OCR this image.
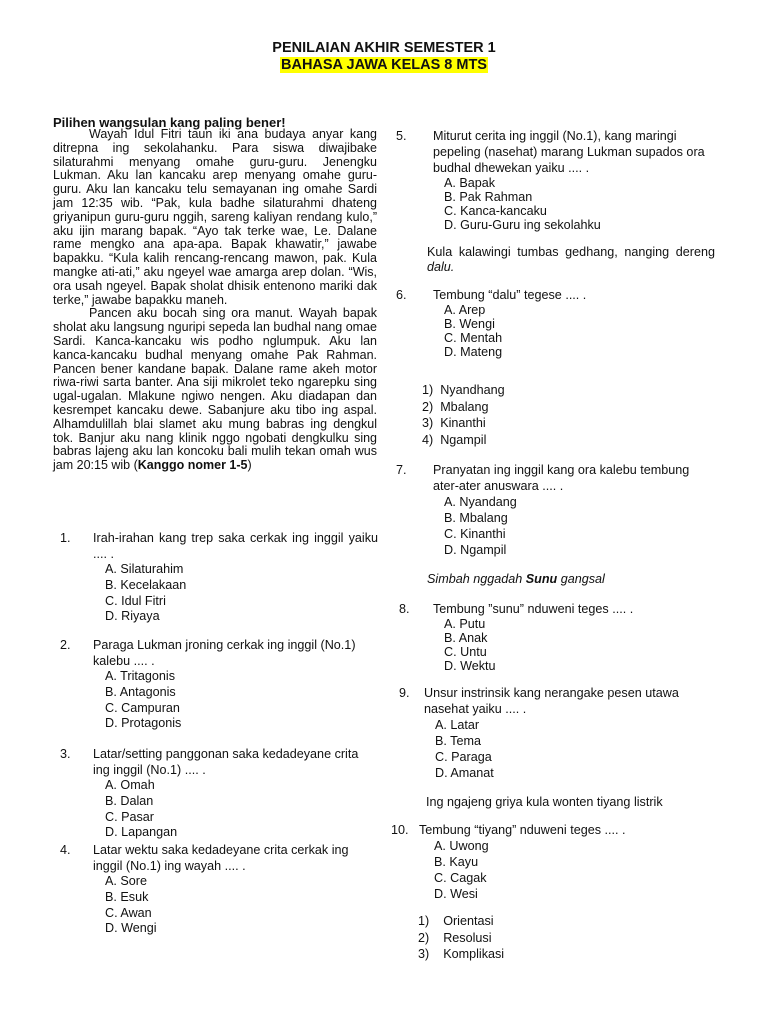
PENILAIAN AKHIR SEMESTER 1
BAHASA JAWA KELAS 8 MTS
Pilihen wangsulan kang paling bener!

Wayah Idul Fitri taun iki ana budaya anyar kang ditrepna ing sekolahanku. Para siswa diwajibake silaturahmi menyang omahe guru-guru. Jenengku Lukman. Aku lan kancaku arep menyang omahe guru-guru. Aku lan kancaku telu semayanan ing omahe Sardi jam 12:35 wib. “Pak, kula badhe silaturahmi dhateng griyanipun guru-guru nggih, sareng kaliyan rendang kulo,” aku ijin marang bapak. “Ayo tak terke wae, Le. Dalane rame mengko ana apa-apa. Bapak khawatir,” jawabe bapakku. “Kula kalih rencang-rencang mawon, pak. Kula mangke ati-ati,” aku ngeyel wae amarga arep dolan. “Wis, ora usah ngeyel. Bapak sholat dhisik entenono mariki dak terke,” jawabe bapakku maneh.

Pancen aku bocah sing ora manut. Wayah bapak sholat aku langsung nguripi sepeda lan budhal nang omae Sardi. Kanca-kancaku wis podho nglumpuk. Aku lan kanca-kancaku budhal menyang omahe Pak Rahman. Pancen bener kandane bapak. Dalane rame akeh motor riwa-riwi sarta banter. Ana siji mikrolet teko ngarepku sing ugal-ugalan. Mlakune ngiwo nengen. Aku diadapan dan kesrempet kancaku dewe. Sabanjure aku tibo ing aspal. Alhamdulillah blai slamet aku mung babras ing dengkul tok. Banjur aku nang klinik nggo ngobati dengkulku sing babras lajeng aku lan koncoku bali mulih tekan omah wus jam 20:15 wib (Kanggo nomer 1-5)

1. Irah-irahan kang trep saka cerkak ing inggil yaiku .... .
A. Silaturahim
B. Kecelakaan
C. Idul Fitri
D. Riyaya
2. Paraga Lukman jroning cerkak ing inggil (No.1) kalebu .... .
A. Tritagonis
B. Antagonis
C. Campuran
D. Protagonis
3. Latar/setting panggonan saka kedadeyane crita ing inggil (No.1) .... .
A. Omah
B. Dalan
C. Pasar
D. Lapangan
4. Latar wektu saka kedadeyane crita cerkak ing inggil (No.1) ing wayah .... .
A. Sore
B. Esuk
C. Awan
D. Wengi
5. Miturut cerita ing inggil (No.1), kang maringi pepeling (nasehat) marang Lukman supados ora budhal dhewekan yaiku .... .
A. Bapak
B. Pak Rahman
C. Kanca-kancaku
D. Guru-Guru ing sekolahku
Kula kalawingi tumbas gedhang, nanging dereng dalu.
6. Tembung “dalu” tegese .... .
A. Arep
B. Wengi
C. Mentah
D. Mateng
1)  Nyandhang
2)  Mbalang
3)  Kinanthi
4)  Ngampil
7. Pranyatan ing inggil kang ora kalebu tembung ater-ater anuswara .... .
A. Nyandang
B. Mbalang
C. Kinanthi
D. Ngampil
Simbah nggadah Sunu gangsal
8. Tembung ”sunu” nduweni teges .... .
A. Putu
B. Anak
C. Untu
D. Wektu
9. Unsur instrinsik kang nerangake pesen utawa nasehat yaiku .... .
A. Latar
B. Tema
C. Paraga
D. Amanat
Ing ngajeng griya kula wonten tiyang listrik
10. Tembung “tiyang” nduweni teges .... .
A. Uwong
B. Kayu
C. Cagak
D. Wesi
1)    Orientasi
2)    Resolusi
3)    Komplikasi
